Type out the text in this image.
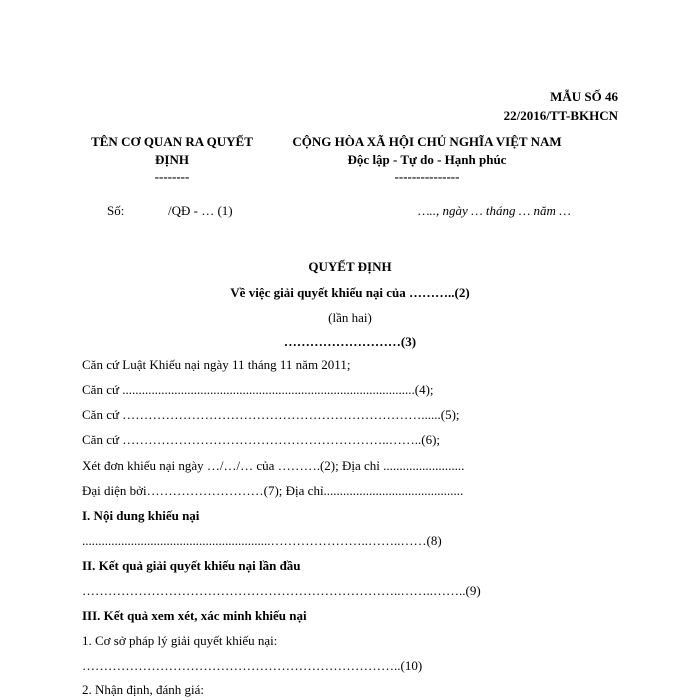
MẪU SỐ 46
22/2016/TT-BKHCN
TÊN CƠ QUAN RA QUYẾT
ĐỊNH
--------
CỘNG HÒA XÃ HỘI CHỦ NGHĨA VIỆT NAM
Độc lập - Tự do - Hạnh phúc
---------------
Số:	/QĐ - … (1)	….., ngày … tháng … năm …
QUYẾT ĐỊNH
Về việc giải quyết khiếu nại của ………..(2)
(lần hai)
………………………(3)
Căn cứ Luật Khiếu nại ngày 11 tháng 11 năm 2011;
Căn cứ ..........................................................................................(4);
Căn cứ ……………………………………………………………......(5);
Căn cứ ……………………………………………………..……..(6);
Xét đơn khiếu nại ngày …/…/… của ……….(2); Địa chỉ .........................
Đại diện bởi………………………(7); Địa chỉ...........................................
I. Nội dung khiếu nại
..........................................................…………………..……..……(8)
II. Kết quả giải quyết khiếu nại lần đầu
………………………………………………………………..……..……..(9)
III. Kết quả xem xét, xác minh khiếu nại
1. Cơ sở pháp lý giải quyết khiếu nại:
………………………………………………………………..(10)
2. Nhận định, đánh giá:
